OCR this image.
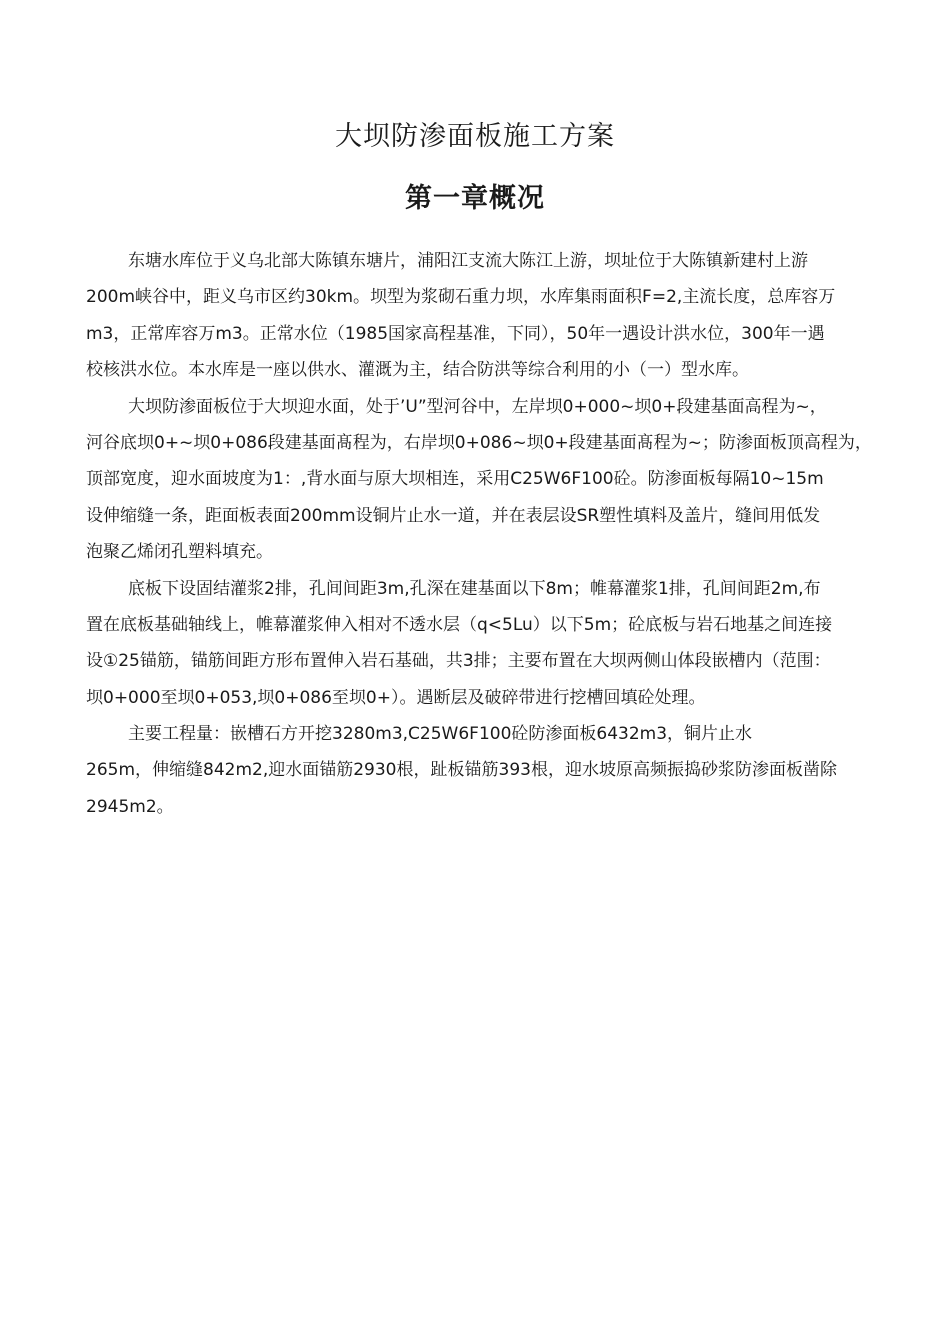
大坝防渗面板施工方案
第一章概况
东塘水库位于义乌北部大陈镇东塘片，浦阳江支流大陈江上游，坝址位于大陈镇新建村上游
200m峡谷中，距义乌市区约30km。坝型为浆砌石重力坝，水库集雨面积F=2,主流长度，总库容万
m3，正常库容万m3。正常水位（1985国家高程基准，下同），50年一遇设计洪水位，300年一遇
校核洪水位。本水库是一座以供水、灌溉为主，结合防洪等综合利用的小（一）型水库。
大坝防渗面板位于大坝迎水面，处于’U”型河谷中，左岸坝0+000~坝0+段建基面高程为~，
河谷底坝0+~坝0+086段建基面髙程为，右岸坝0+086~坝0+段建基面髙程为~；防渗面板顶高程为，
顶部宽度，迎水面坡度为1：,背水面与原大坝相连，采用C25W6F100砼。防渗面板每隔10~15m
设伸缩缝一条，距面板表面200mm设铜片止水一道，并在表层设SR塑性填料及盖片，缝间用低发
泡聚乙烯闭孔塑料填充。
底板下设固结灌浆2排，孔间间距3m,孔深在建基面以下8m；帷幕灌浆1排，孔间间距2m,布
置在底板基础轴线上，帷幕灌浆伸入相对不透水层（q<5Lu）以下5m；砼底板与岩石地基之间连接
设①25锚筋，锚筋间距方形布置伸入岩石基础，共3排；主要布置在大坝两侧山体段嵌槽内（范围：
坝0+000至坝0+053,坝0+086至坝0+）。遇断层及破碎带进行挖槽回填砼处理。
主要工程量：嵌槽石方开挖3280m3,C25W6F100砼防渗面板6432m3，铜片止水
265m，伸缩缝842m2,迎水面锚筋2930根，趾板锚筋393根，迎水坡原高频振捣砂浆防渗面板凿除
2945m2。
